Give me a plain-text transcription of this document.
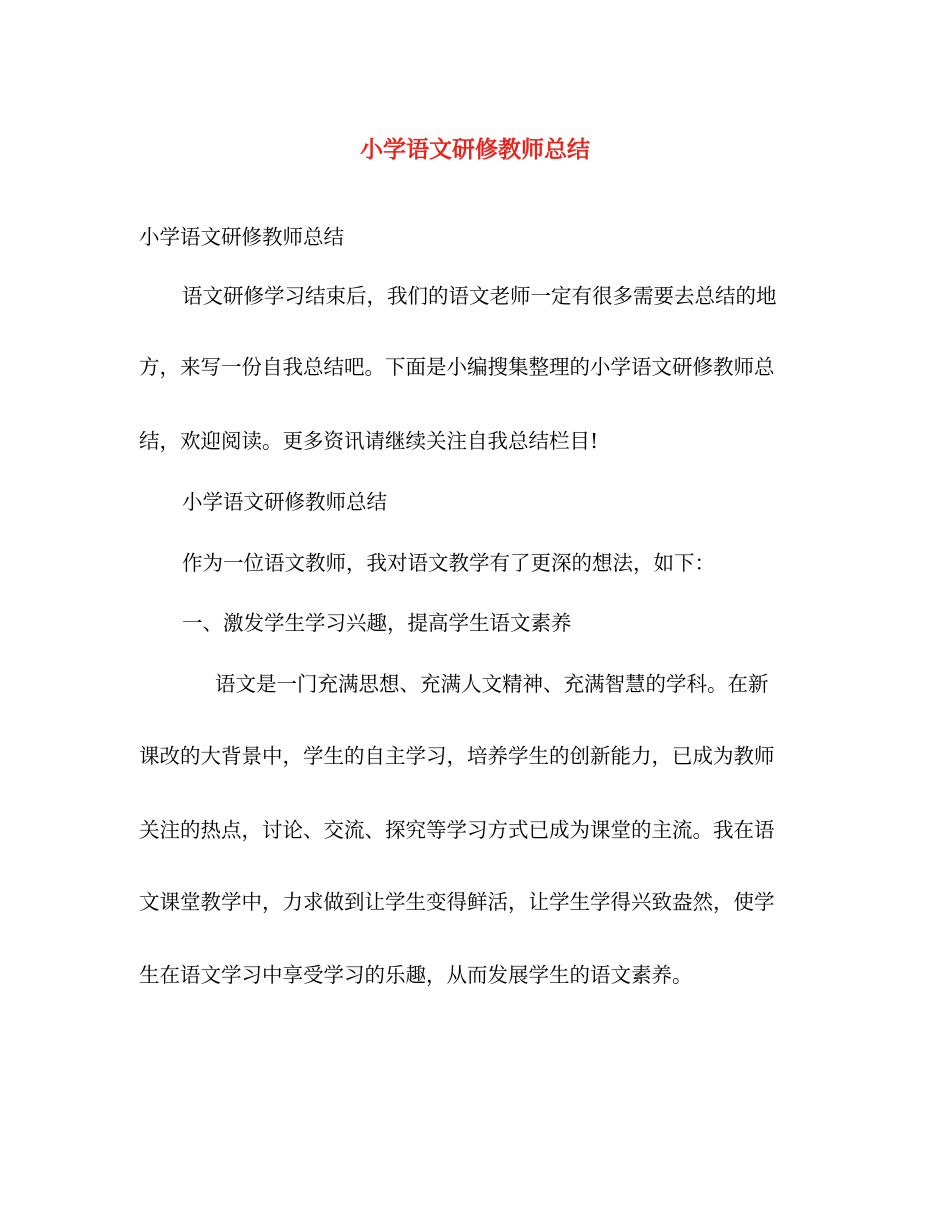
小学语文研修教师总结

小学语文研修教师总结

语文研修学习结束后，我们的语文老师一定有很多需要去总结的地

方，来写一份自我总结吧。下面是小编搜集整理的小学语文研修教师总

结，欢迎阅读。更多资讯请继续关注自我总结栏目!

小学语文研修教师总结

作为一位语文教师，我对语文教学有了更深的想法，如下：

一、激发学生学习兴趣，提高学生语文素养

语文是一门充满思想、充满人文精神、充满智慧的学科。在新

课改的大背景中，学生的自主学习，培养学生的创新能力，已成为教师

关注的热点，讨论、交流、探究等学习方式已成为课堂的主流。我在语

文课堂教学中，力求做到让学生变得鲜活，让学生学得兴致盎然，使学

生在语文学习中享受学习的乐趣，从而发展学生的语文素养。
